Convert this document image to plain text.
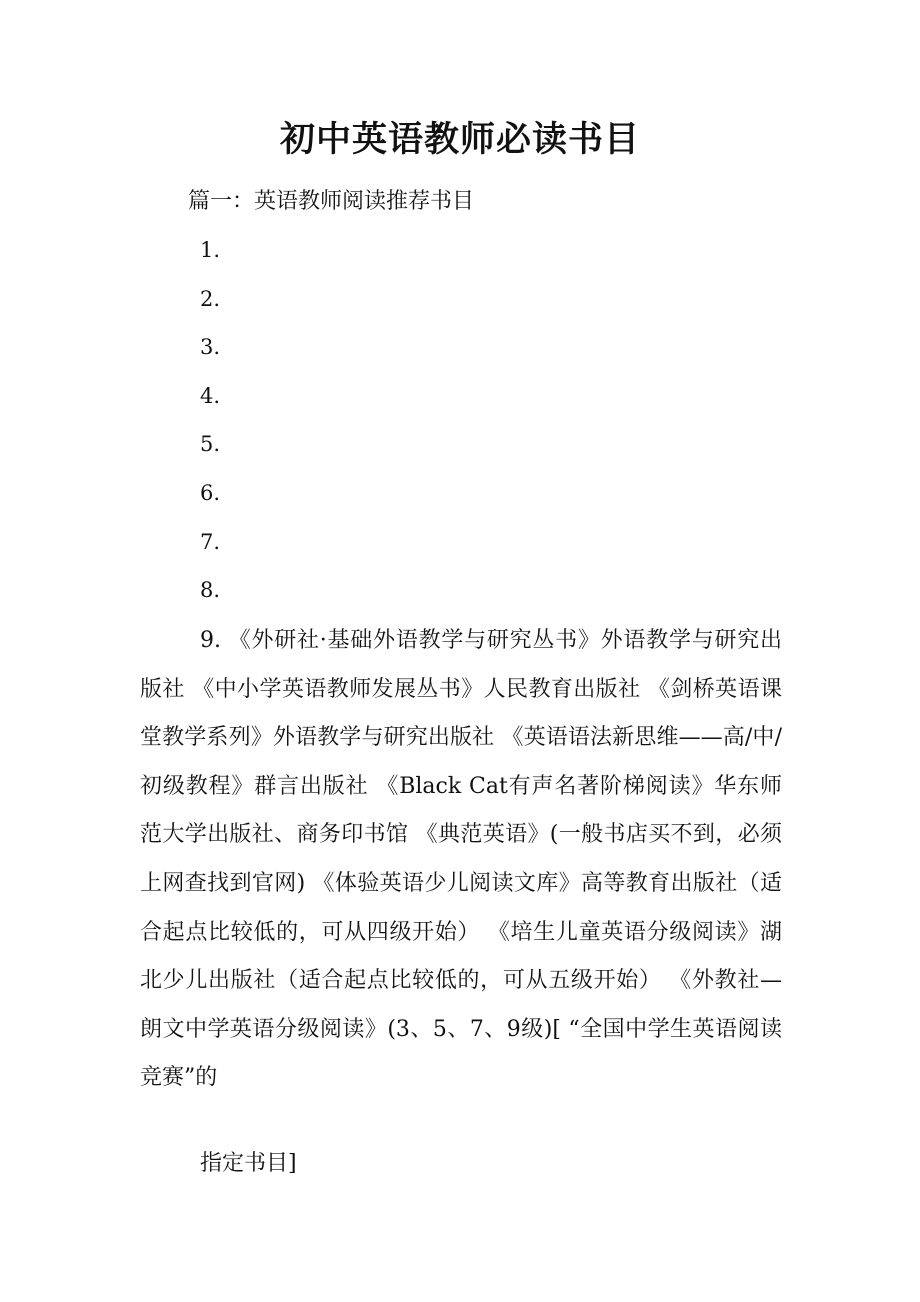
初中英语教师必读书目

篇一：英语教师阅读推荐书目

1.
2.
3.
4.
5.
6.
7.
8.

9. 《外研社·基础外语教学与研究丛书》外语教学与研究出版社 《中小学英语教师发展丛书》人民教育出版社 《剑桥英语课堂教学系列》外语教学与研究出版社 《英语语法新思维——高/中/初级教程》群言出版社 《Black Cat有声名著阶梯阅读》华东师范大学出版社、商务印书馆 《典范英语》(一般书店买不到，必须上网查找到官网) 《体验英语少儿阅读文库》高等教育出版社（适合起点比较低的，可从四级开始） 《培生儿童英语分级阅读》湖北少儿出版社（适合起点比较低的，可从五级开始） 《外教社—朗文中学英语分级阅读》(3、5、7、9级)[ “全国中学生英语阅读竞赛”的

指定书目]
